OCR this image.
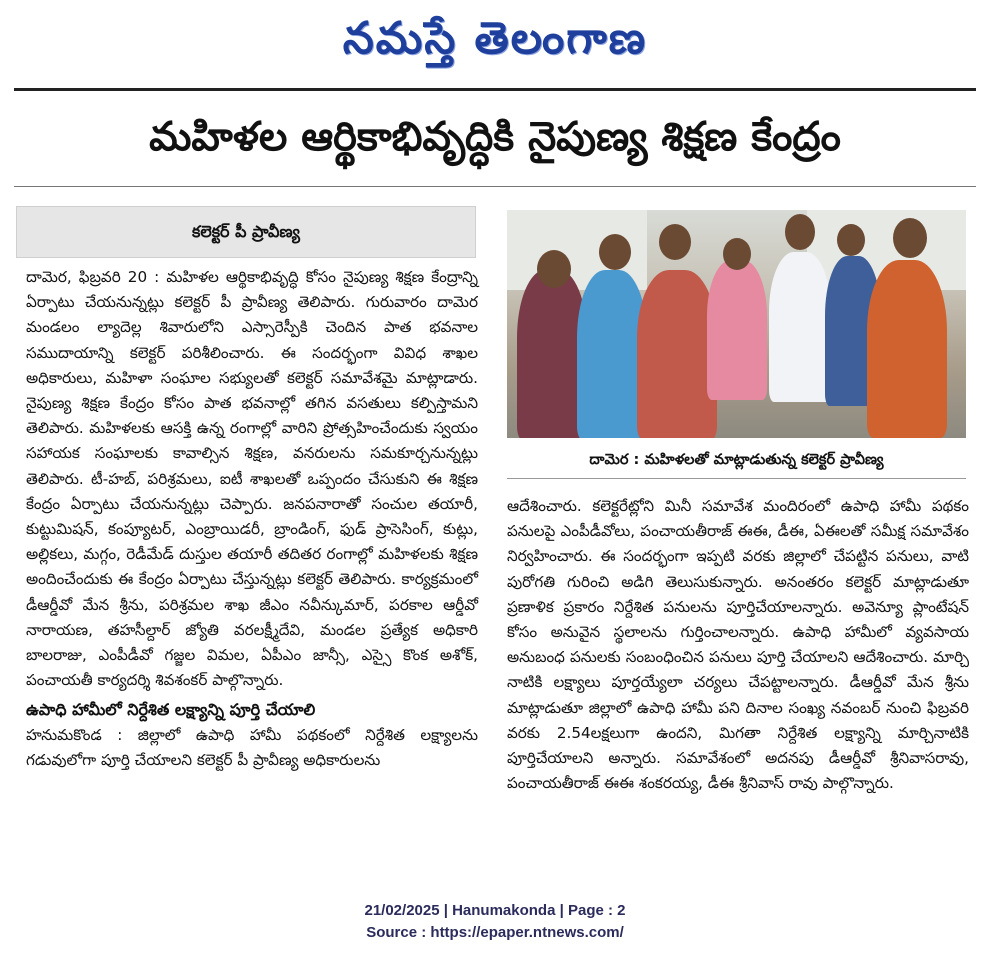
నమస్తే తెలంగాణ
మహిళల ఆర్థికాభివృద్ధికి నైపుణ్య శిక్షణ కేంద్రం
కలెక్టర్ పీ ప్రావీణ్య

దామెర, ఫిబ్రవరి 20 : మహిళల ఆర్థికాభివృద్ధి కోసం నైపుణ్య శిక్షణ కేంద్రాన్ని ఏర్పాటు చేయనున్నట్లు కలెక్టర్ పీ ప్రావీణ్య తెలిపారు. గురువారం దామెర మండలం ల్యాదెల్ల శివారులోని ఎస్సారెస్పీకి చెందిన పాత భవనాల సముదాయాన్ని కలెక్టర్ పరిశీలించారు. ఈ సందర్భంగా వివిధ శాఖల అధికారులు, మహిళా సంఘాల సభ్యులతో కలెక్టర్ సమావేశమై మాట్లాడారు. నైపుణ్య శిక్షణ కేంద్రం కోసం పాత భవనాల్లో తగిన వసతులు కల్పిస్తామని తెలిపారు. మహిళలకు ఆసక్తి ఉన్న రంగాల్లో వారిని ప్రోత్సహించేందుకు స్వయం సహాయక సంఘాలకు కావాల్సిన శిక్షణ, వనరులను సమకూర్చనున్నట్లు తెలిపారు. టీ-హబ్, పరిశ్రమలు, ఐటీ శాఖలతో ఒప్పందం చేసుకుని ఈ శిక్షణ కేంద్రం ఏర్పాటు చేయనున్నట్లు చెప్పారు. జనపనారాతో సంచుల తయారీ, కుట్టుమిషన్, కంప్యూటర్, ఎంబ్రాయిడరీ, బ్రాండింగ్, ఫుడ్ ప్రాసెసింగ్, కుట్లు, అల్లికలు, మగ్గం, రెడీమేడ్ దుస్తుల తయారీ తదితర రంగాల్లో మహిళలకు శిక్షణ అందించేందుకు ఈ కేంద్రం ఏర్పాటు చేస్తున్నట్లు కలెక్టర్ తెలిపారు. కార్యక్రమంలో డీఆర్డీవో మేన శ్రీను, పరిశ్రమల శాఖ జీఎం నవీన్కుమార్, పరకాల ఆర్డీవో నారాయణ, తహసీల్దార్ జ్యోతి వరలక్ష్మీదేవి, మండల ప్రత్యేక అధికారి బాలరాజు, ఎంపీడీవో గజ్జల విమల, ఏపీఎం జాన్సీ, ఎస్సై కొంక అశోక్, పంచాయతీ కార్యదర్శి శివశంకర్ పాల్గొన్నారు.

ఉపాధి హామీలో నిర్దేశిత లక్ష్యాన్ని పూర్తి చేయాలి

హనుమకొండ : జిల్లాలో ఉపాధి హామీ పథకంలో నిర్దేశిత లక్ష్యాలను గడువులోగా పూర్తి చేయాలని కలెక్టర్ పీ ప్రావీణ్య అధికారులను

దామెర : మహిళలతో మాట్లాడుతున్న కలెక్టర్ ప్రావీణ్య

ఆదేశించారు. కలెక్టరేట్లోని మినీ సమావేశ మందిరంలో ఉపాధి హామీ పథకం పనులపై ఎంపీడీవోలు, పంచాయతీరాజ్ ఈఈ, డీఈ, ఏఈలతో సమీక్ష సమావేశం నిర్వహించారు. ఈ సందర్భంగా ఇప్పటి వరకు జిల్లాలో చేపట్టిన పనులు, వాటి పురోగతి గురించి అడిగి తెలుసుకున్నారు. అనంతరం కలెక్టర్ మాట్లాడుతూ ప్రణాళిక ప్రకారం నిర్దేశిత పనులను పూర్తిచేయాలన్నారు. అవెన్యూ ప్లాంటేషన్ కోసం అనువైన స్థలాలను గుర్తించాలన్నారు. ఉపాధి హామీలో వ్యవసాయ అనుబంధ పనులకు సంబంధించిన పనులు పూర్తి చేయాలని ఆదేశించారు. మార్చి నాటికి లక్ష్యాలు పూర్తయ్యేలా చర్యలు చేపట్టాలన్నారు. డీఆర్డీవో మేన శ్రీను మాట్లాడుతూ జిల్లాలో ఉపాధి హామీ పని దినాల సంఖ్య నవంబర్ నుంచి ఫిబ్రవరి వరకు 2.54లక్షలుగా ఉందని, మిగతా నిర్దేశిత లక్ష్యాన్ని మార్చినాటికి పూర్తిచేయాలని అన్నారు. సమావేశంలో అదనపు డీఆర్డీవో శ్రీనివాసరావు, పంచాయతీరాజ్ ఈఈ శంకరయ్య, డీఈ శ్రీనివాస్ రావు పాల్గొన్నారు.

21/02/2025 | Hanumakonda | Page : 2
Source : https://epaper.ntnews.com/
